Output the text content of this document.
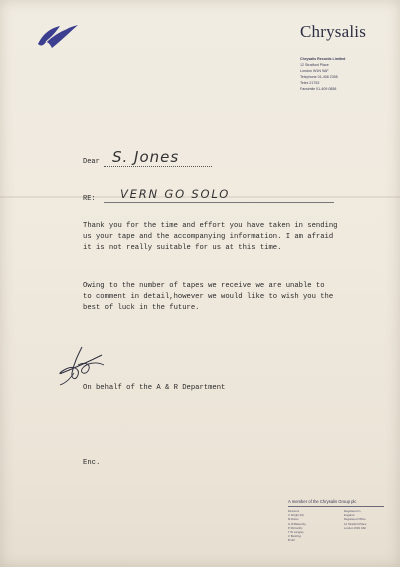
Chrysalis
Chrysalis Records Limited
12 Stratford Place
London W1N 9AF
Telephone 01-408 2355
Telex 21753
Facsimile 01-409 0858
Dear S. Jones
RE: VERN GO SOLO
Thank you for the time and effort you have taken in sending
us your tape and the accompanying information. I am afraid
it is not really suitable for us at this time.
Owing to the number of tapes we receive we are unable to
to comment in detail,however we would like to wish you the
best of luck in the future.
On behalf of the A & R Department
Enc.
A member of the Chrysalis Group plc
Directors
C Wright (M)
M Dolan
G M Battersby
P McCarthy
T W Langley
C Bushing
B Hill
Registered in
England
Registered Office
12 Stratford Place
London W1N 9AF
